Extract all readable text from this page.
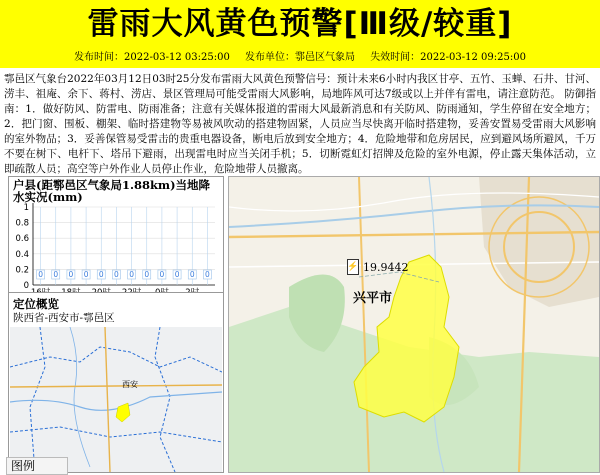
雷雨大风黄色预警[Ⅲ级/较重]
发布时间：2022-03-12 03:25:00 发布单位：鄠邑区气象局 失效时间：2022-03-12 09:25:00
鄠邑区气象台2022年03月12日03时25分发布雷雨大风黄色预警信号：预计未来6小时内我区甘亭、五竹、玉蝉、石井、甘河、涝丰、祖庵、余下、蒋村、涝店、景区管理局可能受雷雨大风影响，局地阵风可达7级或以上并伴有雷电，请注意防范。 防御指南：1．做好防风、防雷电、防雨准备；注意有关媒体报道的雷雨大风最新消息和有关防风、防雨通知，学生停留在安全地方；2．把门窗、围板、棚架、临时搭建物等易被风吹动的搭建物固紧，人员应当尽快离开临时搭建物，妥善安置易受雷雨大风影响的室外物品；3．妥善保管易受雷击的贵重电器设备，断电后放到安全地方；4．危险地带和危房居民，应到避风场所避风，千万不要在树下、电杆下、塔吊下避雨，出现雷电时应当关闭手机；5．切断霓虹灯招牌及危险的室外电源，停止露天集体活动，立即疏散人员；高空等户外作业人员停止作业，危险地带人员撤离。
户县(距鄠邑区气象局1.88km)当地降水实况(mm)
0
0.2
0.4
0.6
0.8
1
0 0 0 0 0 0 0 0 0 0 0 0
定位概览
陕西省-西安市-鄠邑区
西安
图例
⚡ 19.9442
兴平市
